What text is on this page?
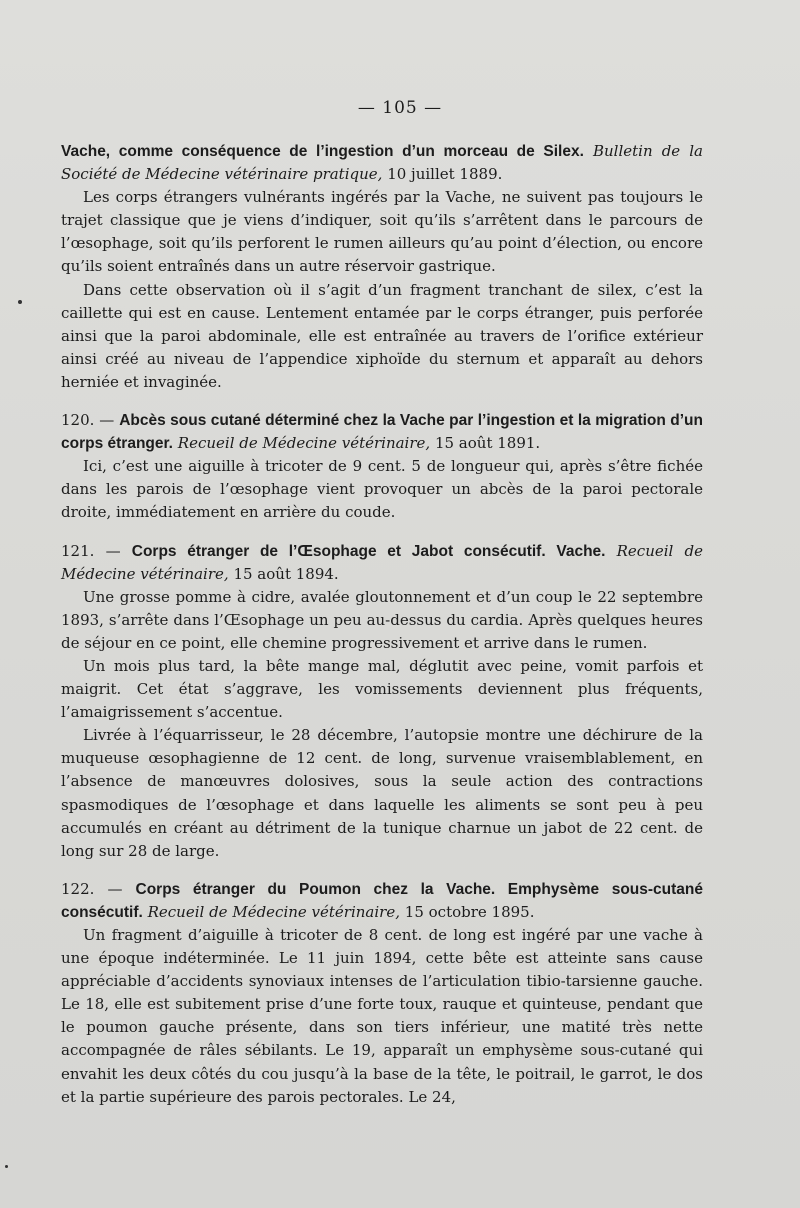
— 105 —

Vache, comme conséquence de l’ingestion d’un morceau de Silex. Bulletin de la Société de Médecine vétérinaire pratique, 10 juillet 1889.

Les corps étrangers vulnérants ingérés par la Vache, ne suivent pas toujours le trajet classique que je viens d’indiquer, soit qu’ils s’arrêtent dans le parcours de l’œsophage, soit qu’ils perforent le rumen ailleurs qu’au point d’élection, ou encore qu’ils soient entraînés dans un autre réservoir gastrique.

Dans cette observation où il s’agit d’un fragment tranchant de silex, c’est la caillette qui est en cause. Lentement entamée par le corps étranger, puis perforée ainsi que la paroi abdominale, elle est entraînée au travers de l’orifice extérieur ainsi créé au niveau de l’appendice xiphoïde du sternum et apparaît au dehors herniée et invaginée.

120. — Abcès sous cutané déterminé chez la Vache par l’ingestion et la migration d’un corps étranger. Recueil de Médecine vétérinaire, 15 août 1891.

Ici, c’est une aiguille à tricoter de 9 cent. 5 de longueur qui, après s’être fichée dans les parois de l’œsophage vient provoquer un abcès de la paroi pectorale droite, immédiatement en arrière du coude.

121. — Corps étranger de l’Œsophage et Jabot consécutif. Vache. Recueil de Médecine vétérinaire, 15 août 1894.

Une grosse pomme à cidre, avalée gloutonnement et d’un coup le 22 septembre 1893, s’arrête dans l’Œsophage un peu au-dessus du cardia. Après quelques heures de séjour en ce point, elle chemine progressivement et arrive dans le rumen.

Un mois plus tard, la bête mange mal, déglutit avec peine, vomit parfois et maigrit. Cet état s’aggrave, les vomissements deviennent plus fréquents, l’amaigrissement s’accentue.

Livrée à l’équarrisseur, le 28 décembre, l’autopsie montre une déchirure de la muqueuse œsophagienne de 12 cent. de long, survenue vraisemblablement, en l’absence de manœuvres dolosives, sous la seule action des contractions spasmodiques de l’œsophage et dans laquelle les aliments se sont peu à peu accumulés en créant au détriment de la tunique charnue un jabot de 22 cent. de long sur 28 de large.

122. — Corps étranger du Poumon chez la Vache. Emphysème sous-cutané consécutif. Recueil de Médecine vétérinaire, 15 octobre 1895.

Un fragment d’aiguille à tricoter de 8 cent. de long est ingéré par une vache à une époque indéterminée. Le 11 juin 1894, cette bête est atteinte sans cause appréciable d’accidents synoviaux intenses de l’articulation tibio-tarsienne gauche. Le 18, elle est subitement prise d’une forte toux, rauque et quinteuse, pendant que le poumon gauche présente, dans son tiers inférieur, une matité très nette accompagnée de râles sébilants. Le 19, apparaît un emphysème sous-cutané qui envahit les deux côtés du cou jusqu’à la base de la tête, le poitrail, le garrot, le dos et la partie supérieure des parois pectorales. Le 24,
